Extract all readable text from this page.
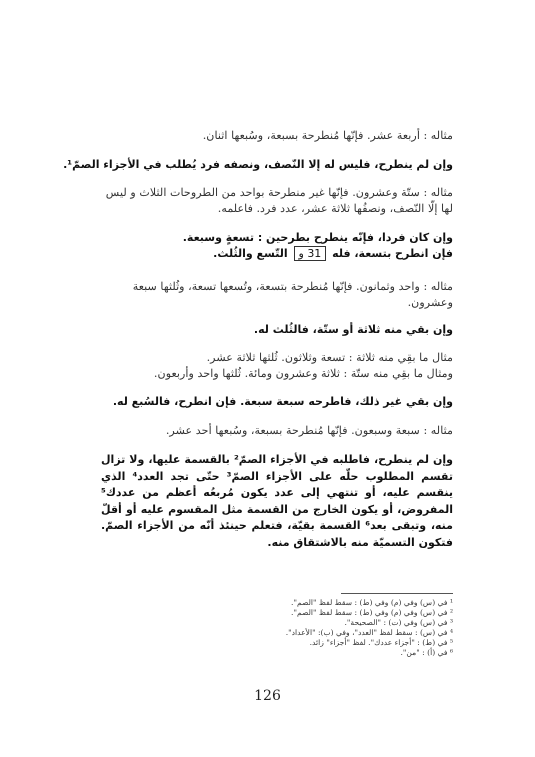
مثاله : أربعة عشر. فإنّها مُنطرحة بسبعة، وسُبعها اثنان.
وإن لم ينطرح، فليس له إلا النّصف، ونصفه فرد يُطلب في الأجزاء الصمّ¹.
مثاله : ستّة وعشرون. فإنّها غير منطرحة بواحد من الطروحات الثلاث و ليس
لها إلّا النّصف، ونصفُها ثلاثة عشر، عدد فرد. فاعلمه.
وإن كان فردا، فإنّه ينطرح بطرحين : تسعةٍ وسبعة.
فإن انطرح بتسعة، فله 31 و التّسع والثُلث.
مثاله : واحد وثمانون. فإنّها مُنطرحة بتسعة، وتُسعها تسعة، وثُلثها سبعة
وعشرون.
وإن بقي منه ثلاثة أو ستّة، فالثُلث له.
مثال ما بقِي منه ثلاثة : تسعة وثلاثون. ثُلثها ثلاثة عشر.
ومثال ما بقِي منه ستّة : ثلاثة وعشرون ومائة. ثُلثها واحد وأربعون.
وإن بقي غير ذلك، فاطرحه سبعة سبعة. فإن انطرح، فالسُبع له.
مثاله : سبعة وسبعون. فإنّها مُنطرحة بسبعة، وسُبعها أحد عشر.
وإن لم ينطرح، فاطلبه في الأجزاء الصمّ² بالقسمة عليها، ولا تزال تقسم المطلوب حلّه على الأجزاء الصمّ³ حتّى تجد العدد⁴ الذي ينقسم عليه، أو تنتهي إلى عدد يكون مُربعُه أعظم من عددك⁵ المفروض، أو يكون الخارج من القسمة مثل المقسوم عليه أو أقلّ منه، وتبقى بعد⁶ القسمة بقيّة، فتعلم حينئذ أنّه من الأجزاء الصمّ. فتكون التسميّة منه بالاشتقاق منه.
¹ في (س) وفي (م) وفي (ط) : سقط لفظ "الصم".
² في (س) وفي (م) وفي (ط) : سقط لفظ "الصم".
³ في (س) وفي (ت) : "الصحيحة".
⁴ في (س) : سقط لفظ "العدد"، وفي (ب): "الأعداد".
⁵ في (ط) : "أجزاء عددك". لفظ "أجزاء" زائد.
⁶ في (أ) : "من".
126
